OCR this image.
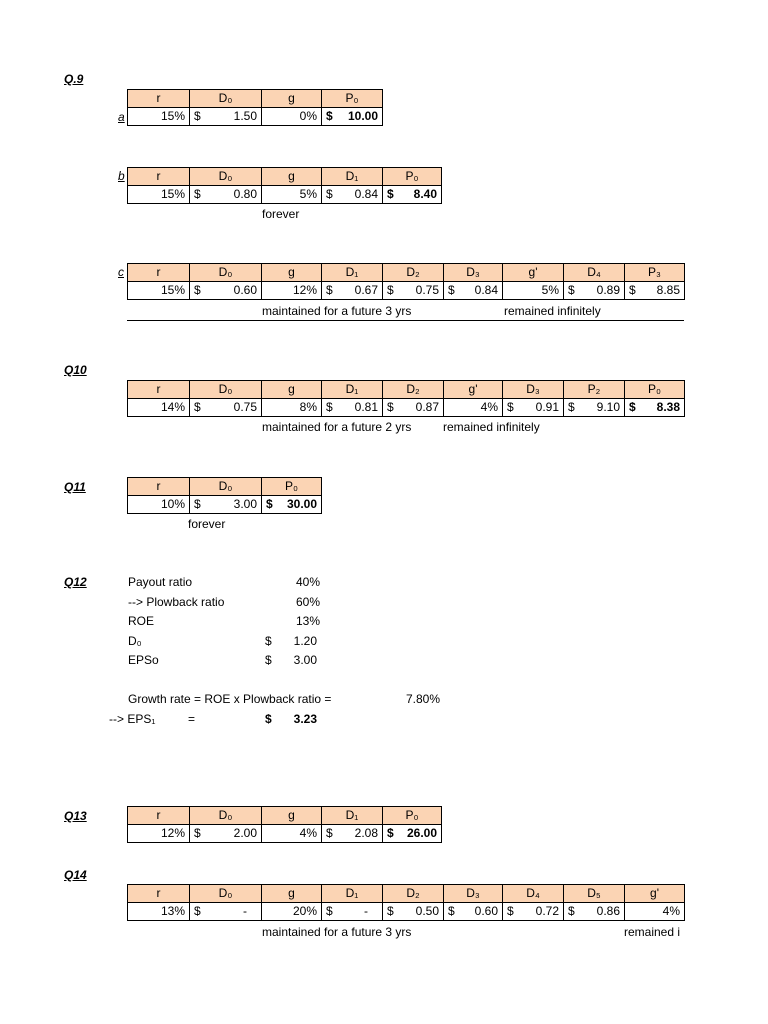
Q.9
a
r	D₀	g	P₀
15%	$ 1.50	0%	$ 10.00
b	r	D₀	g	D₁	P₀
15%	$ 0.80	5%	$ 0.84	$ 8.40
forever
c	r	D₀	g	D₁	D₂	D₃	g'	D₄	P₃
15%	$ 0.60	12%	$ 0.67	$ 0.75	$ 0.84	5%	$ 0.89	$ 8.85
maintained for a future 3 yrs	remained infinitely
Q10
r	D₀	g	D₁	D₂	g'	D₃	P₂	P₀
14%	$ 0.75	8%	$ 0.81	$ 0.87	4%	$ 0.91	$ 9.10	$ 8.38
maintained for a future 2 yrs	remained infinitely
Q11	r	D₀	P₀
10%	$ 3.00	$ 30.00
forever
Q12	Payout ratio	40%
--> Plowback ratio	60%
ROE	13%
D₀	$	1.20
EPSo	$	3.00
Growth rate = ROE x Plowback ratio =	7.80%
--> EPS₁	=	$	3.23
Q13	r	D₀	g	D₁	P₀
12%	$ 2.00	4%	$ 2.08	$ 26.00
Q14
r	D₀	g	D₁	D₂	D₃	D₄	D₅	g'
13%	$ -	20%	$ -	$ 0.50	$ 0.60	$ 0.72	$ 0.86	4%
maintained for a future 3 yrs	remained i
